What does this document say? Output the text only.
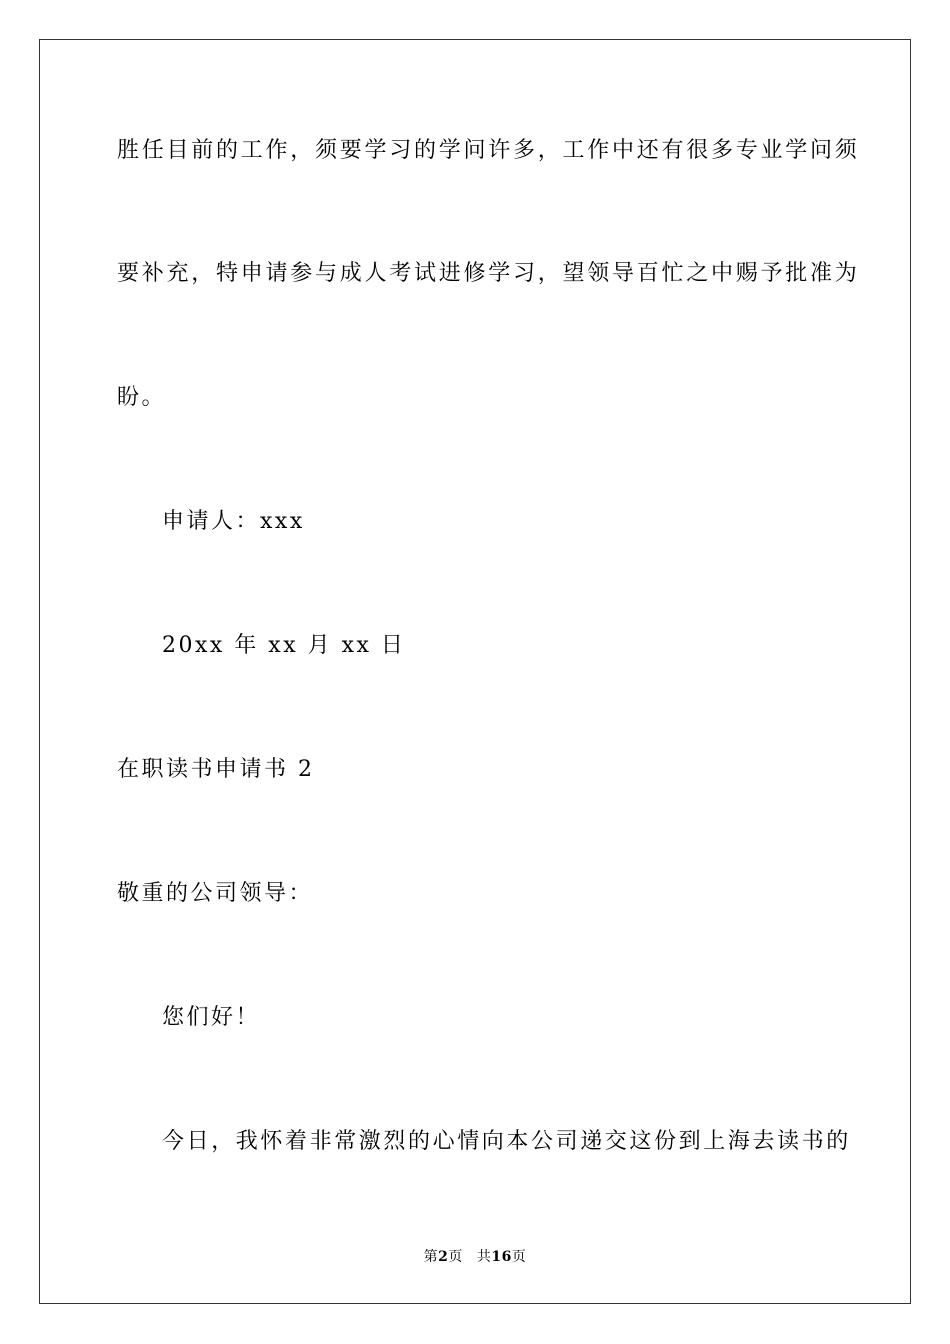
胜任目前的工作，须要学习的学问许多，工作中还有很多专业学问须
要补充，特申请参与成人考试进修学习，望领导百忙之中赐予批准为
盼。
申请人：xxx
20xx 年 xx 月 xx 日
在职读书申请书 2
敬重的公司领导：
您们好！
今日，我怀着非常激烈的心情向本公司递交这份到上海去读书的
第2页 共16页
